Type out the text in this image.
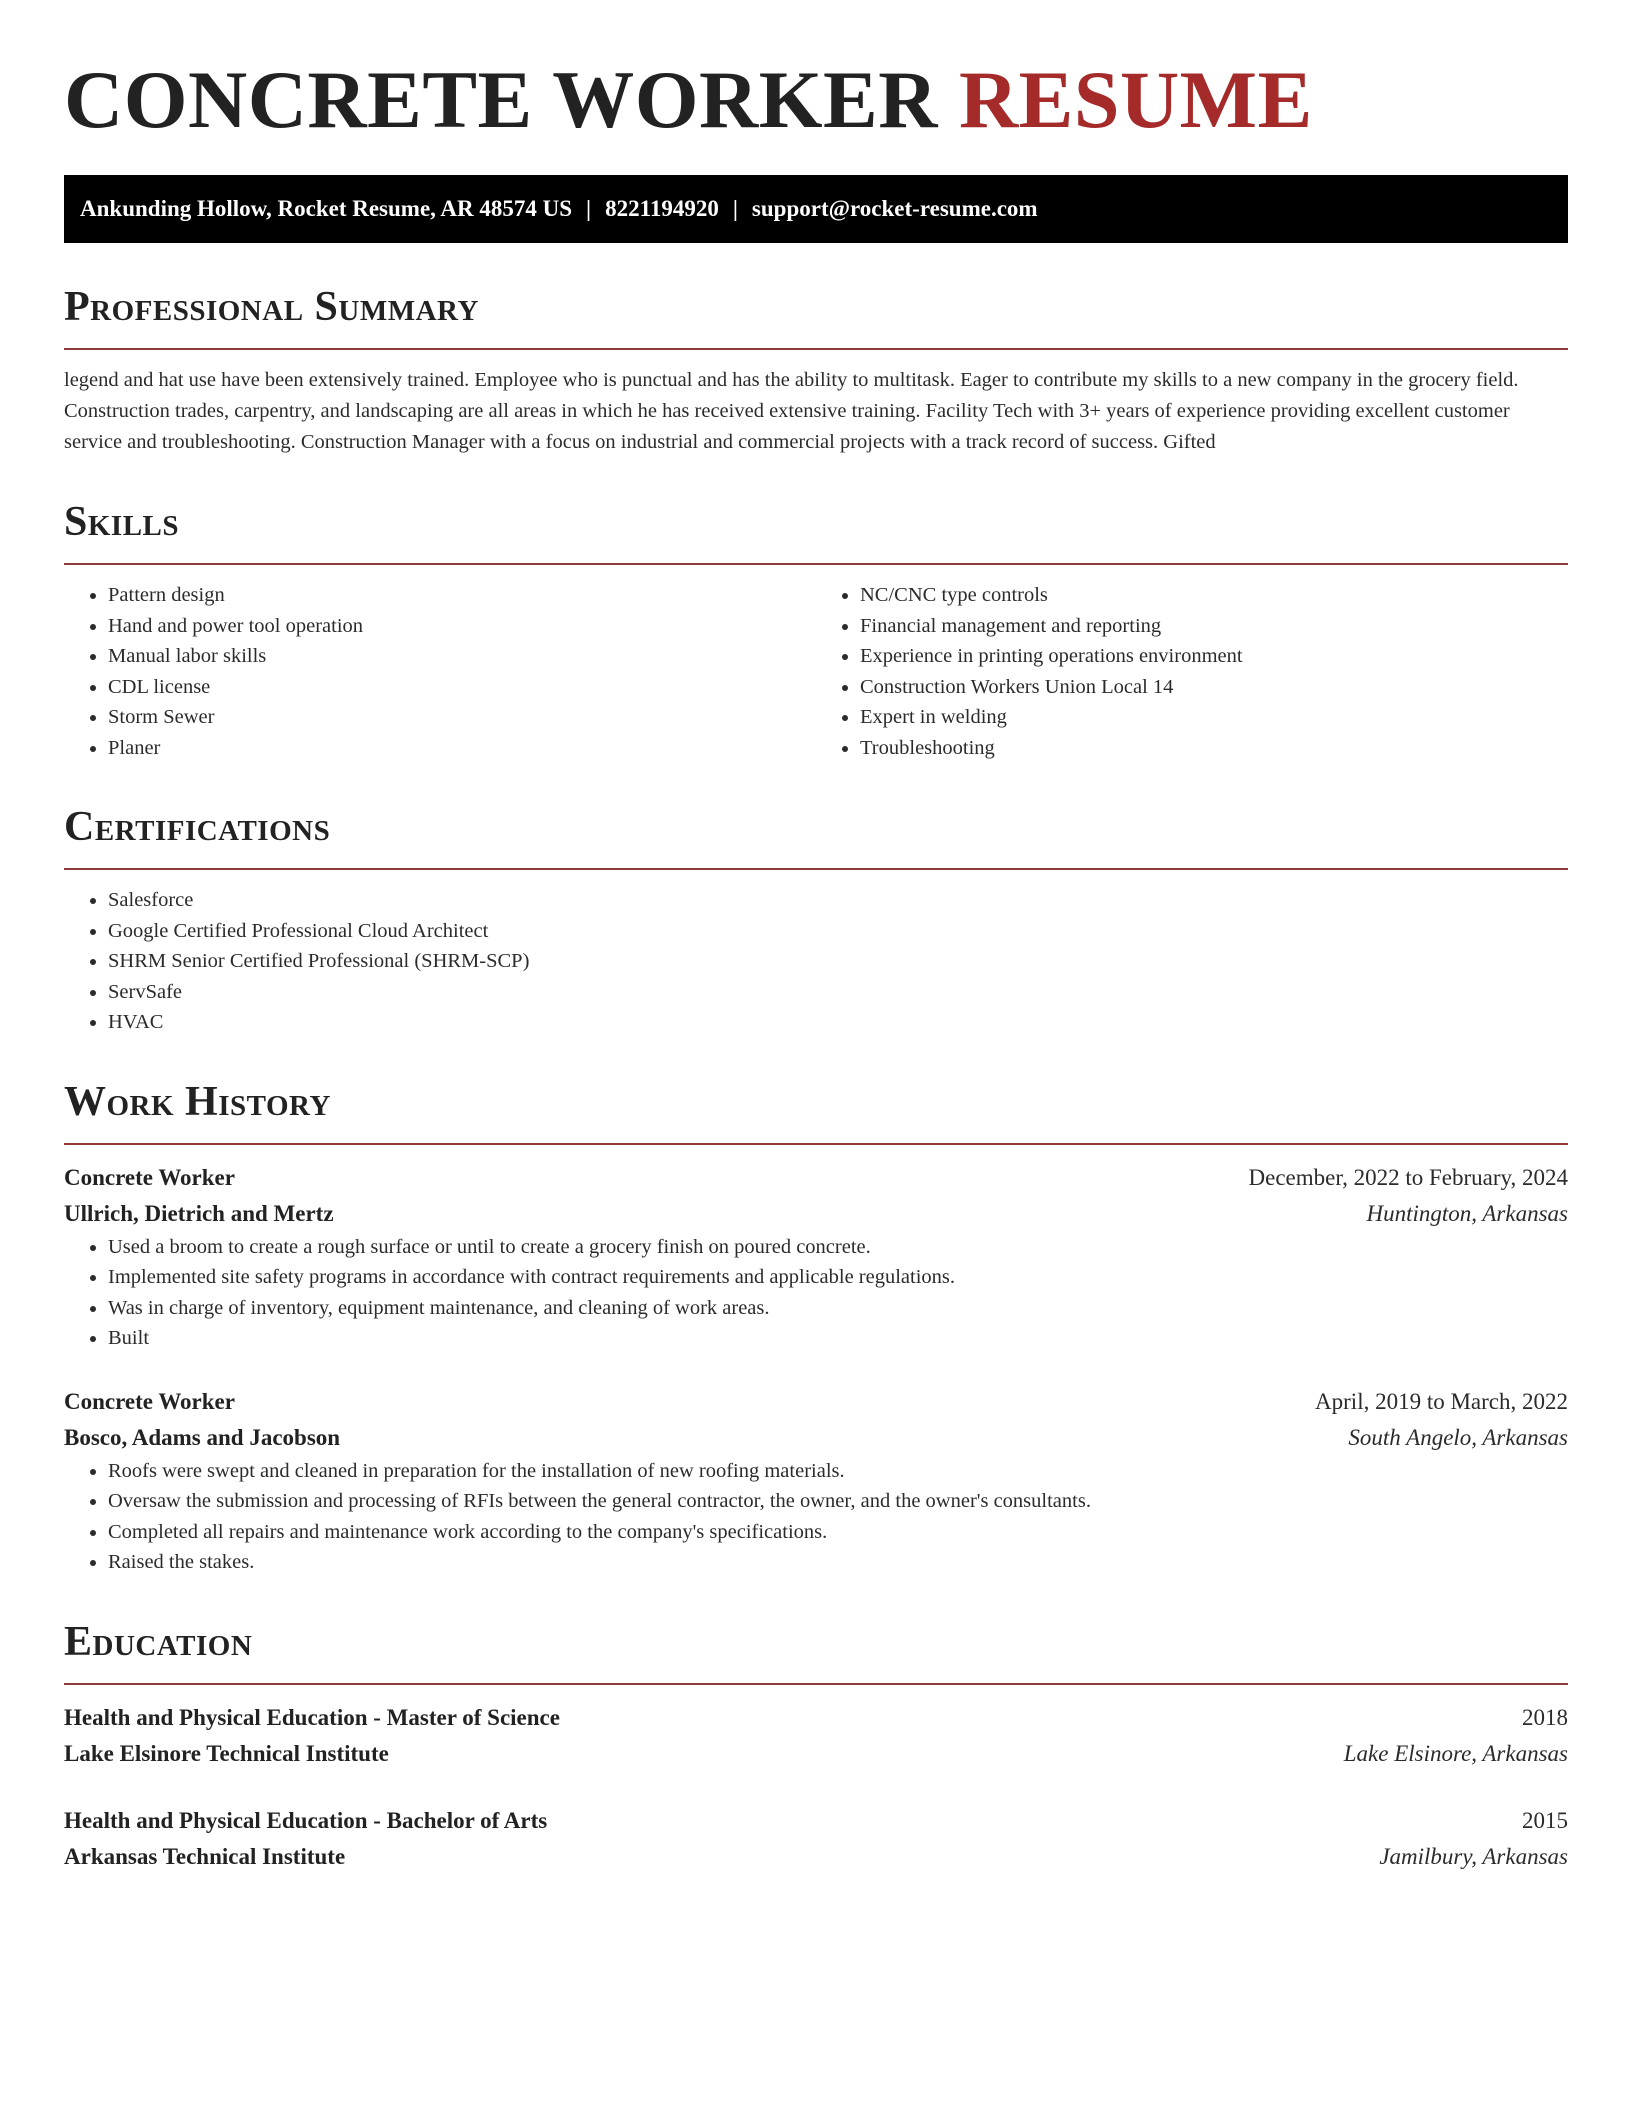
CONCRETE WORKER RESUME
Ankunding Hollow, Rocket Resume, AR 48574 US | 8221194920 | support@rocket-resume.com
Professional Summary

legend and hat use have been extensively trained. Employee who is punctual and has the ability to multitask. Eager to contribute my skills to a new company in the grocery field. Construction trades, carpentry, and landscaping are all areas in which he has received extensive training. Facility Tech with 3+ years of experience providing excellent customer service and troubleshooting. Construction Manager with a focus on industrial and commercial projects with a track record of success. Gifted

Skills
• Pattern design
• Hand and power tool operation
• Manual labor skills
• CDL license
• Storm Sewer
• Planer
• NC/CNC type controls
• Financial management and reporting
• Experience in printing operations environment
• Construction Workers Union Local 14
• Expert in welding
• Troubleshooting
Certifications
• Salesforce
• Google Certified Professional Cloud Architect
• SHRM Senior Certified Professional (SHRM-SCP)
• ServSafe
• HVAC
Work History
Concrete Worker	December, 2022 to February, 2024
Ullrich, Dietrich and Mertz	Huntington, Arkansas
• Used a broom to create a rough surface or until to create a grocery finish on poured concrete.
• Implemented site safety programs in accordance with contract requirements and applicable regulations.
• Was in charge of inventory, equipment maintenance, and cleaning of work areas.
• Built
Concrete Worker	April, 2019 to March, 2022
Bosco, Adams and Jacobson	South Angelo, Arkansas
• Roofs were swept and cleaned in preparation for the installation of new roofing materials.
• Oversaw the submission and processing of RFIs between the general contractor, the owner, and the owner's consultants.
• Completed all repairs and maintenance work according to the company's specifications.
• Raised the stakes.
Education
Health and Physical Education - Master of Science	2018
Lake Elsinore Technical Institute	Lake Elsinore, Arkansas
Health and Physical Education - Bachelor of Arts	2015
Arkansas Technical Institute	Jamilbury, Arkansas
